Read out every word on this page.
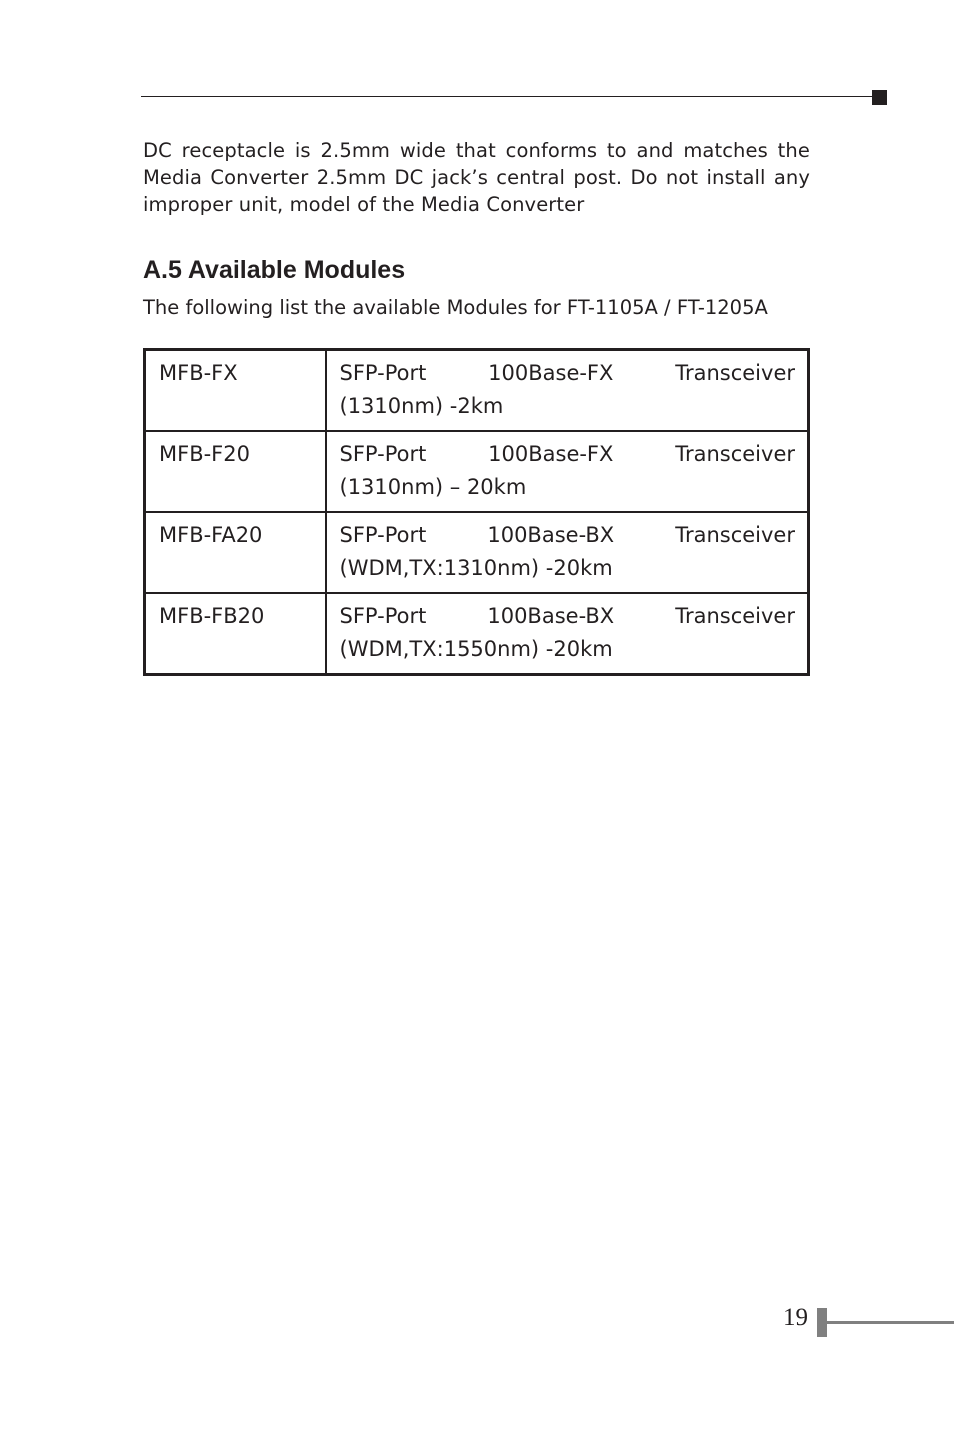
DC receptacle is 2.5mm wide that conforms to and matches the Media Converter 2.5mm DC jack’s central post. Do not install any improper unit, model of the Media Converter

A.5 Available Modules

The following list the available Modules for FT-1105A / FT-1205A

MFB-FX	SFP-Port 100Base-FX Transceiver
(1310nm) -2km

MFB-F20	SFP-Port 100Base-FX Transceiver
(1310nm) – 20km

MFB-FA20	SFP-Port 100Base-BX Transceiver
(WDM,TX:1310nm) -20km

MFB-FB20	SFP-Port 100Base-BX Transceiver
(WDM,TX:1550nm) -20km

19
